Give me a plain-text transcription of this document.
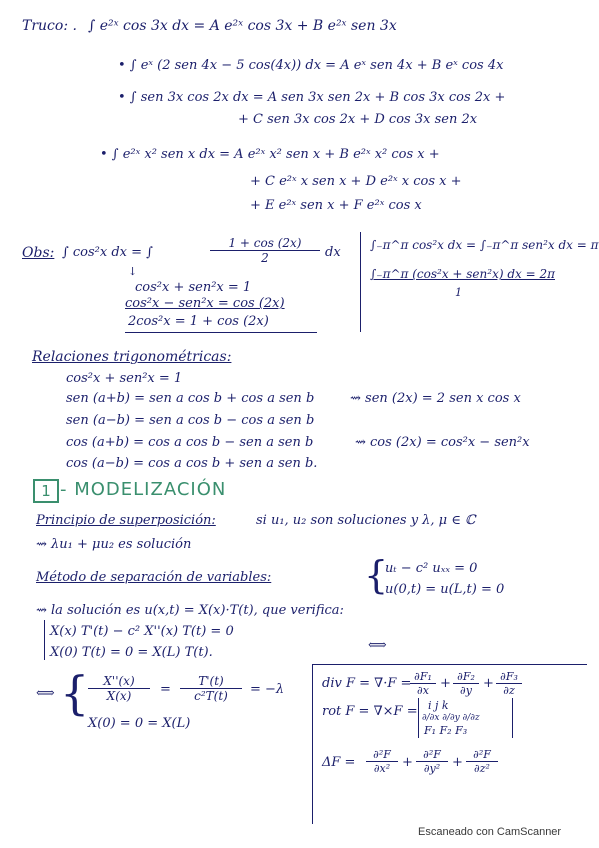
Truco: . ∫ e²ˣ cos 3x dx = A e²ˣ cos 3x + B e²ˣ sen 3x
• ∫ eˣ (2 sen 4x − 5 cos(4x)) dx = A eˣ sen 4x + B eˣ cos 4x
• ∫ sen 3x cos 2x dx = A sen 3x sen 2x + B cos 3x cos 2x +
+ C sen 3x cos 2x + D cos 3x sen 2x
• ∫ e²ˣ x² sen x dx = A e²ˣ x² sen x + B e²ˣ x² cos x +
+ C e²ˣ x sen x + D e²ˣ x cos x +
+ E e²ˣ sen x + F e²ˣ cos x
Obs: ∫ cos²x dx = ∫	$\frac{1 + \cos (2x)}{2}$ dx
↓
cos²x + sen²x = 1
cos²x − sen²x = cos (2x)
2cos²x = 1 + cos (2x)
∫₋π^π cos²x dx = ∫₋π^π sen²x dx = π
∫₋π^π (cos²x + sen²x) dx = 2π
1
Relaciones trigonométricas:
cos²x + sen²x = 1
sen (a+b) = sen a cos b + cos a sen b	⇝ sen (2x) = 2 sen x cos x
sen (a−b) = sen a cos b − cos a sen b
cos (a+b) = cos a cos b − sen a sen b	⇝ cos (2x) = cos²x − sen²x
cos (a−b) = cos a cos b + sen a sen b.
1 - MODELIZACIÓN
Principio de superposición:	si u₁, u₂ son soluciones y λ, μ ∈ ℂ
⇝ λu₁ + μu₂ es solución
Método de separación de variables: {
uₜ − c² uₓₓ = 0
u(0,t) = u(L,t) = 0
⇝ la solución es u(x,t) = X(x)·T(t), que verifica:
X(x) T'(t) − c² X''(x) T(t) = 0
X(0) T(t) = 0 = X(L) T(t).	⟺
⟺ {
$\frac{X''(x)}{X(x)} = \frac{T'(t)}{\text{c²T(t)}} = -\lambda$
X(0) = 0 = X(L)
div F = ∇·F =
$\frac{\text{∂F₁}}{\partial x} + \frac{\text{∂F₂}}{\partial y} + \frac{\text{∂F₃}}{\partial z}$
rot F = ∇×F = i j k
∂/∂x ∂/∂y ∂/∂z
F₁ F₂ F₃
$\Delta F = \frac{\text{∂²F}}{\text{∂x²}} + \frac{\text{∂²F}}{\text{∂y²}} + \frac{\text{∂²F}}{\text{∂z²}}$
Escaneado con CamScanner
